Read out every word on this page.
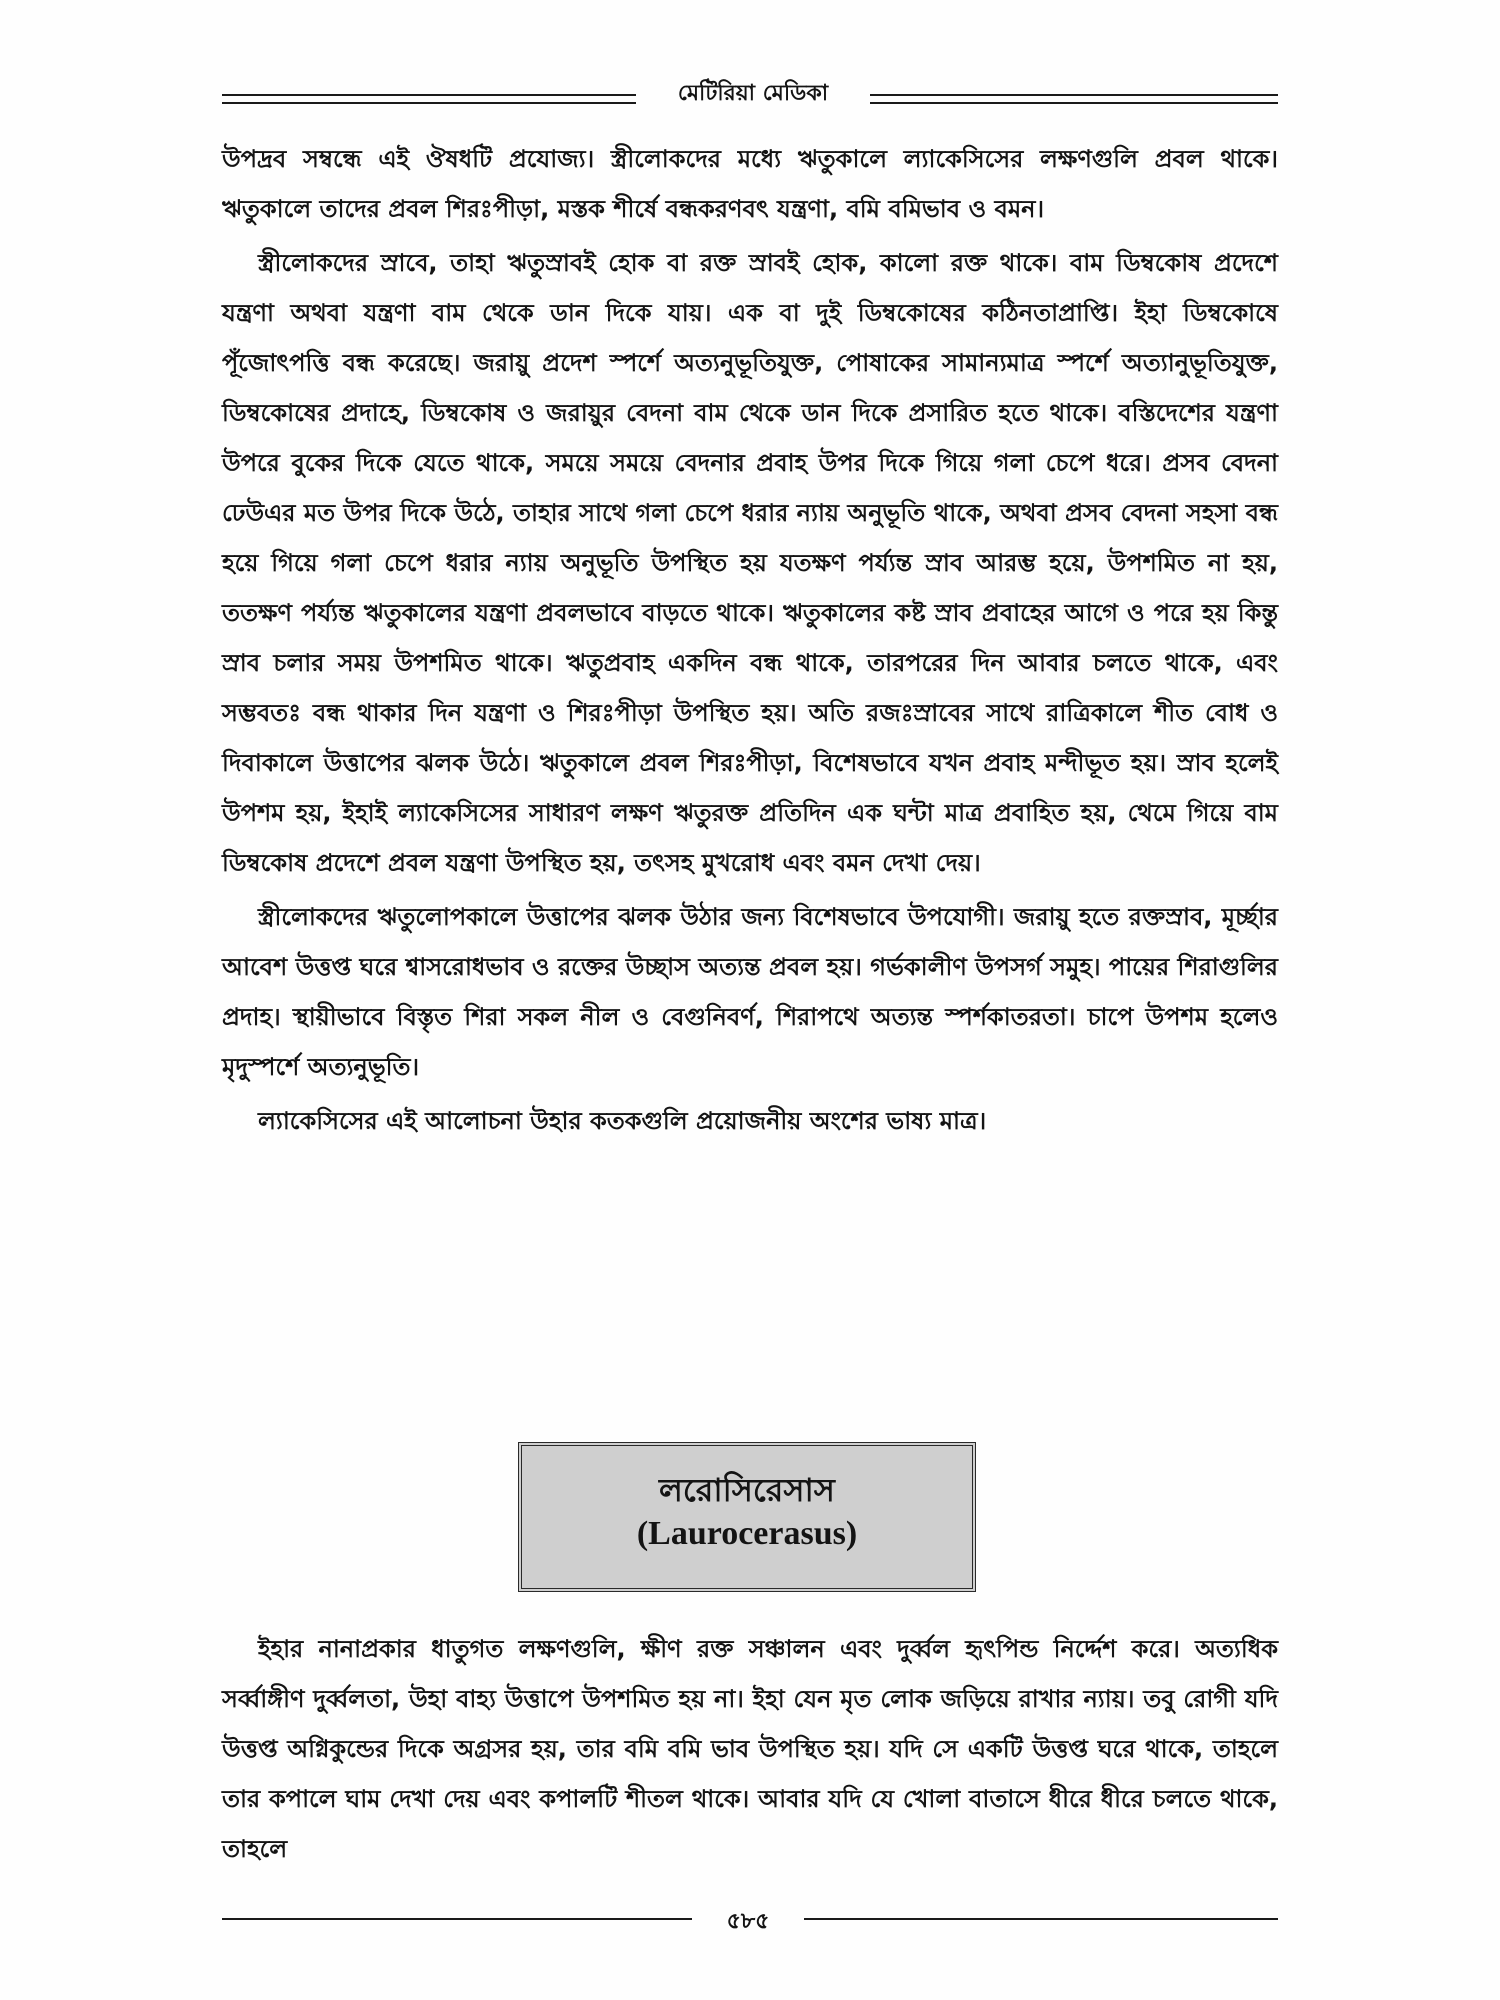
মেটিরিয়া মেডিকা

উপদ্রব সম্বন্ধে এই ঔষধটি প্রযোজ্য। স্ত্রীলোকদের মধ্যে ঋতুকালে ল্যাকেসিসের লক্ষণগুলি প্রবল থাকে। ঋতুকালে তাদের প্রবল শিরঃপীড়া, মস্তক শীর্ষে বন্ধকরণবৎ যন্ত্রণা, বমি বমিভাব ও বমন।

স্ত্রীলোকদের স্রাবে, তাহা ঋতুস্রাবই হোক বা রক্ত স্রাবই হোক, কালো রক্ত থাকে। বাম ডিম্বকোষ প্রদেশে যন্ত্রণা অথবা যন্ত্রণা বাম থেকে ডান দিকে যায়। এক বা দুই ডিম্বকোষের কঠিনতাপ্রাপ্তি। ইহা ডিম্বকোষে পূঁজোৎপত্তি বন্ধ করেছে। জরায়ু প্রদেশ স্পর্শে অত্যনুভূতিযুক্ত, পোষাকের সামান্যমাত্র স্পর্শে অত্যানুভূতিযুক্ত, ডিম্বকোষের প্রদাহে, ডিম্বকোষ ও জরায়ুর বেদনা বাম থেকে ডান দিকে প্রসারিত হতে থাকে। বস্তিদেশের যন্ত্রণা উপরে বুকের দিকে যেতে থাকে, সময়ে সময়ে বেদনার প্রবাহ উপর দিকে গিয়ে গলা চেপে ধরে। প্রসব বেদনা ঢেউএর মত উপর দিকে উঠে, তাহার সাথে গলা চেপে ধরার ন্যায় অনুভূতি থাকে, অথবা প্রসব বেদনা সহসা বন্ধ হয়ে গিয়ে গলা চেপে ধরার ন্যায় অনুভূতি উপস্থিত হয় যতক্ষণ পর্য্যন্ত স্রাব আরম্ভ হয়ে, উপশমিত না হয়, ততক্ষণ পর্য্যন্ত ঋতুকালের যন্ত্রণা প্রবলভাবে বাড়তে থাকে। ঋতুকালের কষ্ট স্রাব প্রবাহের আগে ও পরে হয় কিন্তু স্রাব চলার সময় উপশমিত থাকে। ঋতুপ্রবাহ একদিন বন্ধ থাকে, তারপরের দিন আবার চলতে থাকে, এবং সম্ভবতঃ বন্ধ থাকার দিন যন্ত্রণা ও শিরঃপীড়া উপস্থিত হয়। অতি রজঃস্রাবের সাথে রাত্রিকালে শীত বোধ ও দিবাকালে উত্তাপের ঝলক উঠে। ঋতুকালে প্রবল শিরঃপীড়া, বিশেষভাবে যখন প্রবাহ মন্দীভূত হয়। স্রাব হলেই উপশম হয়, ইহাই ল্যাকেসিসের সাধারণ লক্ষণ ঋতুরক্ত প্রতিদিন এক ঘন্টা মাত্র প্রবাহিত হয়, থেমে গিয়ে বাম ডিম্বকোষ প্রদেশে প্রবল যন্ত্রণা উপস্থিত হয়, তৎসহ মুখরোধ এবং বমন দেখা দেয়।

স্ত্রীলোকদের ঋতুলোপকালে উত্তাপের ঝলক উঠার জন্য বিশেষভাবে উপযোগী। জরায়ু হতে রক্তস্রাব, মূর্চ্ছার আবেশ উত্তপ্ত ঘরে শ্বাসরোধভাব ও রক্তের উচ্ছাস অত্যন্ত প্রবল হয়। গর্ভকালীণ উপসর্গ সমুহ। পায়ের শিরাগুলির প্রদাহ। স্থায়ীভাবে বিস্তৃত শিরা সকল নীল ও বেগুনিবর্ণ, শিরাপথে অত্যন্ত স্পর্শকাতরতা। চাপে উপশম হলেও মৃদুস্পর্শে অত্যনুভূতি।

ল্যাকেসিসের এই আলোচনা উহার কতকগুলি প্রয়োজনীয় অংশের ভাষ্য মাত্র।

লরোসিরেসাস
(Laurocerasus)

ইহার নানাপ্রকার ধাতুগত লক্ষণগুলি, ক্ষীণ রক্ত সঞ্চালন এবং দুর্ব্বল হৃৎপিন্ড নির্দ্দেশ করে। অত্যধিক সর্ব্বাঙ্গীণ দুর্ব্বলতা, উহা বাহ্য উত্তাপে উপশমিত হয় না। ইহা যেন মৃত লোক জড়িয়ে রাখার ন্যায়। তবু রোগী যদি উত্তপ্ত অগ্নিকুন্ডের দিকে অগ্রসর হয়, তার বমি বমি ভাব উপস্থিত হয়। যদি সে একটি উত্তপ্ত ঘরে থাকে, তাহলে তার কপালে ঘাম দেখা দেয় এবং কপালটি শীতল থাকে। আবার যদি যে খোলা বাতাসে ধীরে ধীরে চলতে থাকে, তাহলে

৫৮৫
